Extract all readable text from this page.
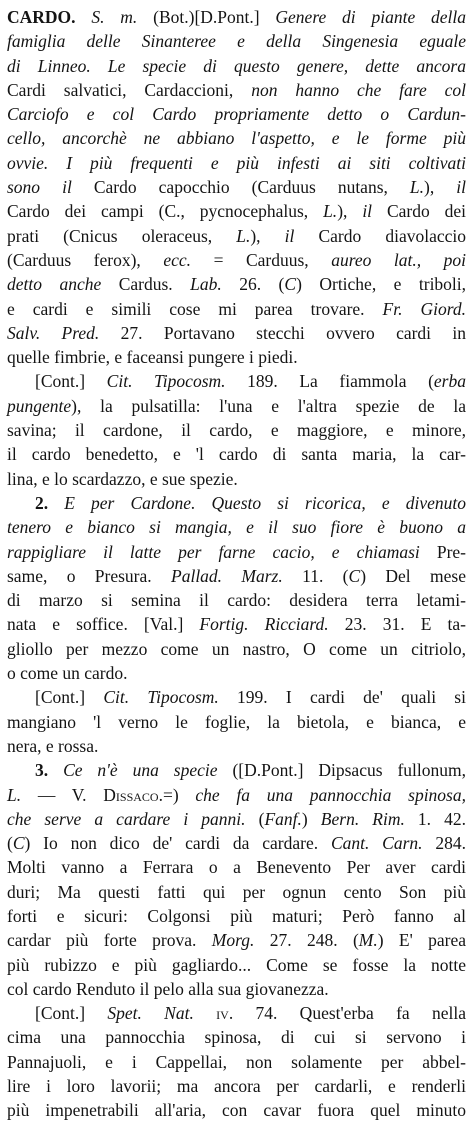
CARDO. S. m. (Bot.)[D.Pont.] Genere di piante della
famiglia delle Sinanteree e della Singenesia eguale
di Linneo. Le specie di questo genere, dette ancora
Cardi salvatici, Cardaccioni, non hanno che fare col
Carciofo e col Cardo propriamente detto o Cardun-
cello, ancorchè ne abbiano l'aspetto, e le forme più
ovvie. I più frequenti e più infesti ai siti coltivati
sono il Cardo capocchio (Carduus nutans, L.), il
Cardo dei campi (C., pycnocephalus, L.), il Cardo dei
prati (Cnicus oleraceus, L.), il Cardo diavolaccio
(Carduus ferox), ecc. = Carduus, aureo lat., poi
detto anche Cardus. Lab. 26. (C) Ortiche, e triboli,
e cardi e simili cose mi parea trovare. Fr. Giord.
Salv. Pred. 27. Portavano stecchi ovvero cardi in
quelle fimbrie, e faceansi pungere i piedi.
[Cont.] Cit. Tipocosm. 189. La fiammola (erba
pungente), la pulsatilla: l'una e l'altra spezie de la
savina; il cardone, il cardo, e maggiore, e minore,
il cardo benedetto, e 'l cardo di santa maria, la car-
lina, e lo scardazzo, e sue spezie.
2. E per Cardone. Questo si ricorica, e divenuto
tenero e bianco si mangia, e il suo fiore è buono a
rappigliare il latte per farne cacio, e chiamasi Pre-
same, o Presura. Pallad. Marz. 11. (C) Del mese
di marzo si semina il cardo: desidera terra letami-
nata e soffice. [Val.] Fortig. Ricciard. 23. 31. E ta-
gliollo per mezzo come un nastro, O come un citriolo,
o come un cardo.
[Cont.] Cit. Tipocosm. 199. I cardi de' quali si
mangiano 'l verno le foglie, la bietola, e bianca, e
nera, e rossa.
3. Ce n'è una specie ([D.Pont.] Dipsacus fullonum,
L. — V. Dissaco.=) che fa una pannocchia spinosa,
che serve a cardare i panni. (Fanf.) Bern. Rim. 1. 42.
(C) Io non dico de' cardi da cardare. Cant. Carn. 284.
Molti vanno a Ferrara o a Benevento Per aver cardi
duri; Ma questi fatti qui per ognun cento Son più
forti e sicuri: Colgonsi più maturi; Però fanno al
cardar più forte prova. Morg. 27. 248. (M.) E' parea
più rubizzo e più gagliardo... Come se fosse la notte
col cardo Renduto il pelo alla sua giovanezza.
[Cont.] Spet. Nat. iv. 74. Quest'erba fa nella
cima una pannocchia spinosa, di cui si servono i
Pannajuoli, e i Cappellai, non solamente per abbel-
lire i loro lavorii; ma ancora per cardarli, e renderli
più impenetrabili all'aria, con cavar fuora quel minuto
